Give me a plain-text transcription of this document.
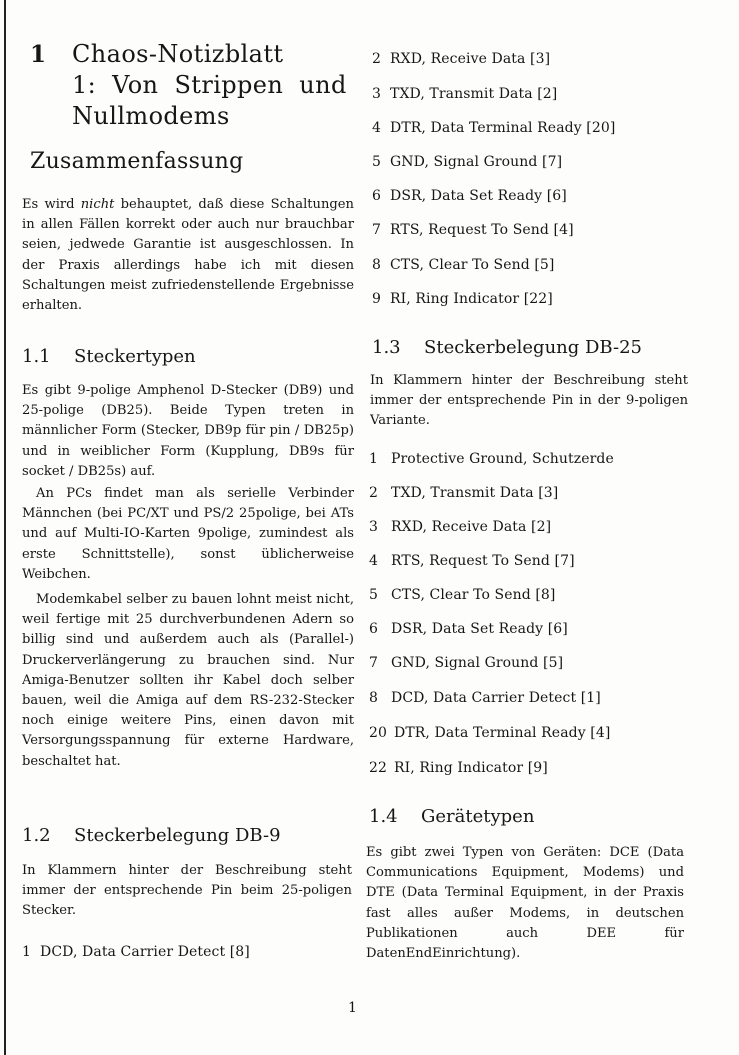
1 Chaos-Notizblatt
1: Von Strippen und
Nullmodems
Zusammenfassung

Es wird nicht behauptet, daß diese Schaltungen in allen Fällen korrekt oder auch nur brauchbar seien, jedwede Garantie ist ausgeschlossen. In der Praxis allerdings habe ich mit diesen Schaltungen meist zufriedenstellende Ergebnisse erhalten.

1.1 Steckertypen

Es gibt 9-polige Amphenol D-Stecker (DB9) und 25-polige (DB25). Beide Typen treten in männlicher Form (Stecker, DB9p für pin / DB25p) und in weiblicher Form (Kupplung, DB9s für socket / DB25s) auf.

An PCs findet man als serielle Verbinder Männchen (bei PC/XT und PS/2 25polige, bei ATs und auf Multi-IO-Karten 9polige, zumindest als erste Schnittstelle), sonst üblicherweise Weibchen.

Modemkabel selber zu bauen lohnt meist nicht, weil fertige mit 25 durchverbundenen Adern so billig sind und außerdem auch als (Parallel-) Druckerverlängerung zu brauchen sind. Nur Amiga-Benutzer sollten ihr Kabel doch selber bauen, weil die Amiga auf dem RS-232-Stecker noch einige weitere Pins, einen davon mit Versorgungsspannung für externe Hardware, beschaltet hat.

1.2 Steckerbelegung DB-9

In Klammern hinter der Beschreibung steht immer der entsprechende Pin beim 25-poligen Stecker.

1 DCD, Data Carrier Detect [8]
2 RXD, Receive Data [3]
3 TXD, Transmit Data [2]
4 DTR, Data Terminal Ready [20]
5 GND, Signal Ground [7]
6 DSR, Data Set Ready [6]
7 RTS, Request To Send [4]
8 CTS, Clear To Send [5]
9 RI, Ring Indicator [22]
1.3 Steckerbelegung DB-25

In Klammern hinter der Beschreibung steht immer der entsprechende Pin in der 9-poligen Variante.

1 Protective Ground, Schutzerde
2 TXD, Transmit Data [3]
3 RXD, Receive Data [2]
4 RTS, Request To Send [7]
5 CTS, Clear To Send [8]
6 DSR, Data Set Ready [6]
7 GND, Signal Ground [5]
8 DCD, Data Carrier Detect [1]
20 DTR, Data Terminal Ready [4]
22 RI, Ring Indicator [9]
1.4 Gerätetypen

Es gibt zwei Typen von Geräten: DCE (Data Communications Equipment, Modems) und DTE (Data Terminal Equipment, in der Praxis fast alles außer Modems, in deutschen Publikationen auch DEE für DatenEndEinrichtung).

1
